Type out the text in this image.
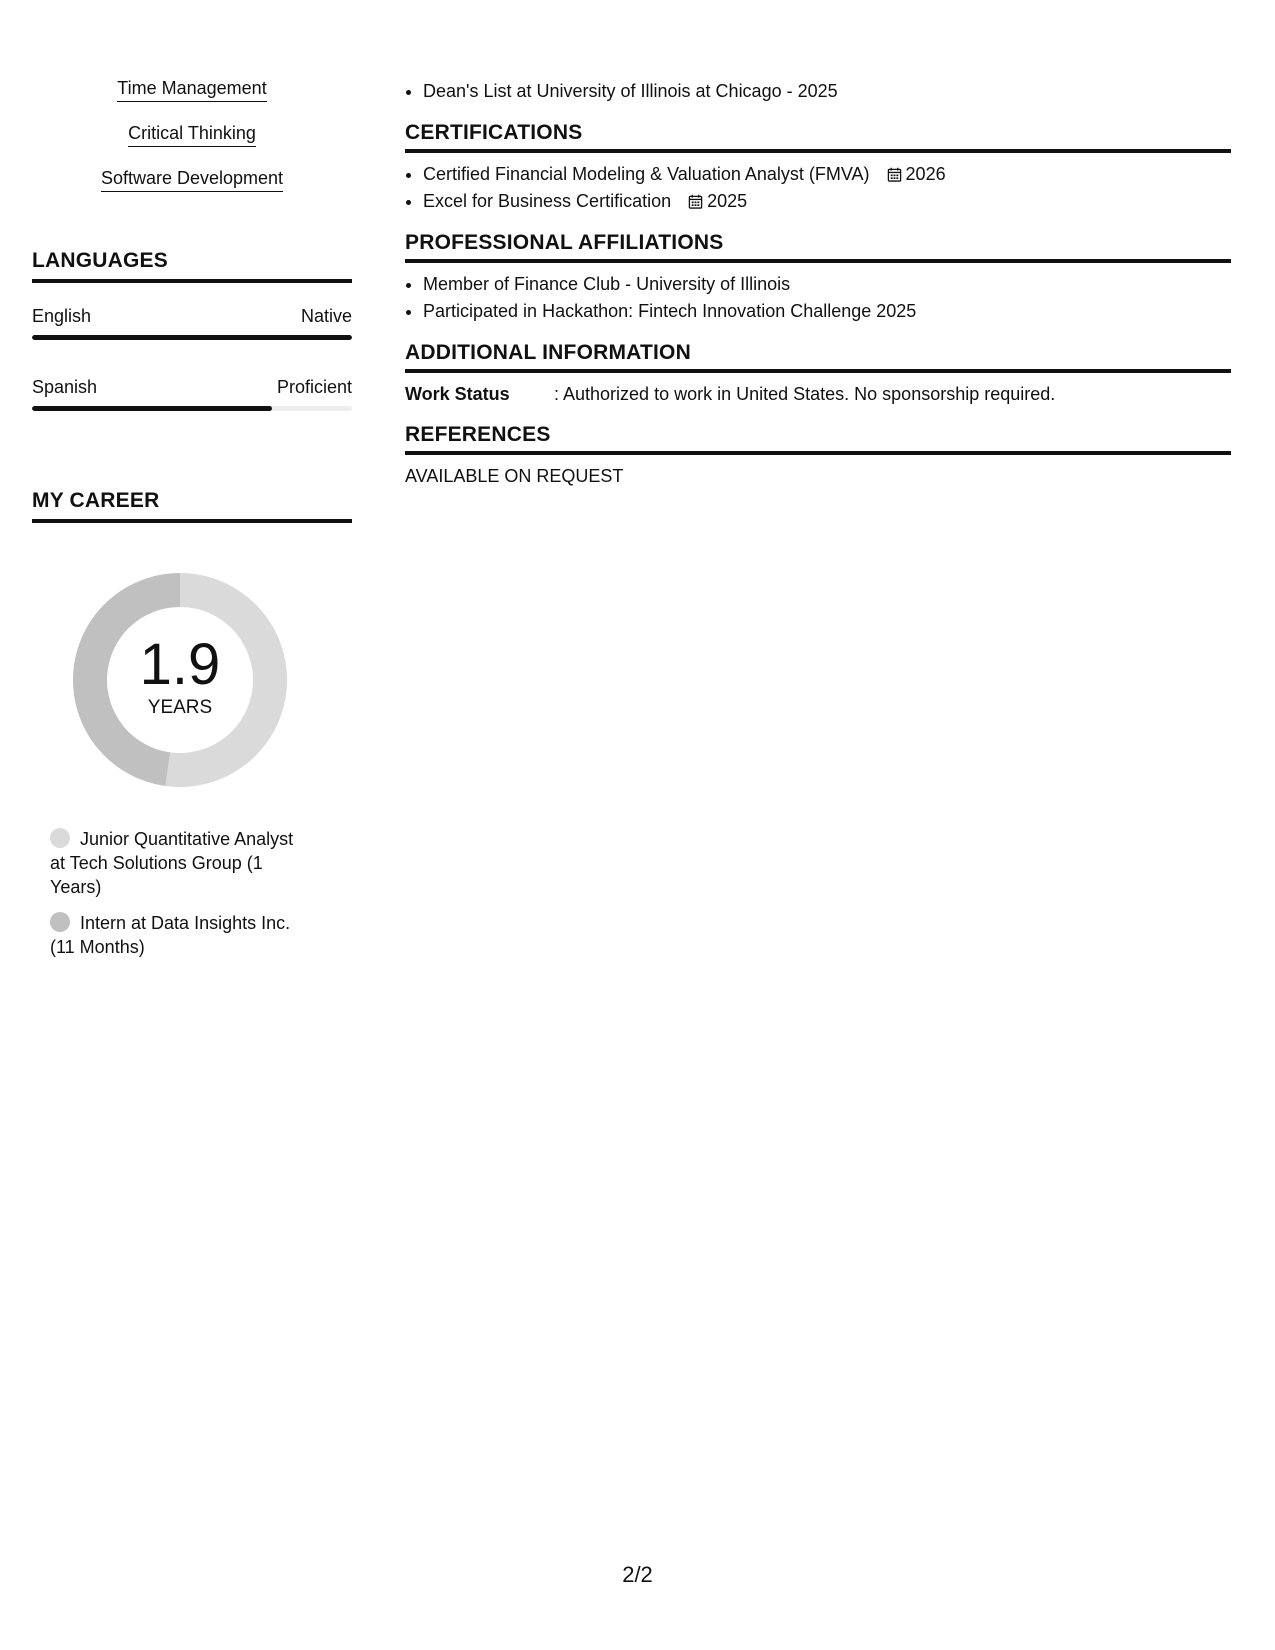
Time Management
Critical Thinking
Software Development
LANGUAGES
English	Native
Spanish	Proficient
MY CAREER
1.9
YEARS
Junior Quantitative Analyst at Tech Solutions Group (1 Years)
Intern at Data Insights Inc. (11 Months)
• Dean's List at University of Illinois at Chicago - 2025
CERTIFICATIONS
• Certified Financial Modeling & Valuation Analyst (FMVA) 2026
• Excel for Business Certification 2025
PROFESSIONAL AFFILIATIONS
• Member of Finance Club - University of Illinois
• Participated in Hackathon: Fintech Innovation Challenge 2025
ADDITIONAL INFORMATION
Work Status : Authorized to work in United States. No sponsorship required.
REFERENCES
AVAILABLE ON REQUEST
2/2
